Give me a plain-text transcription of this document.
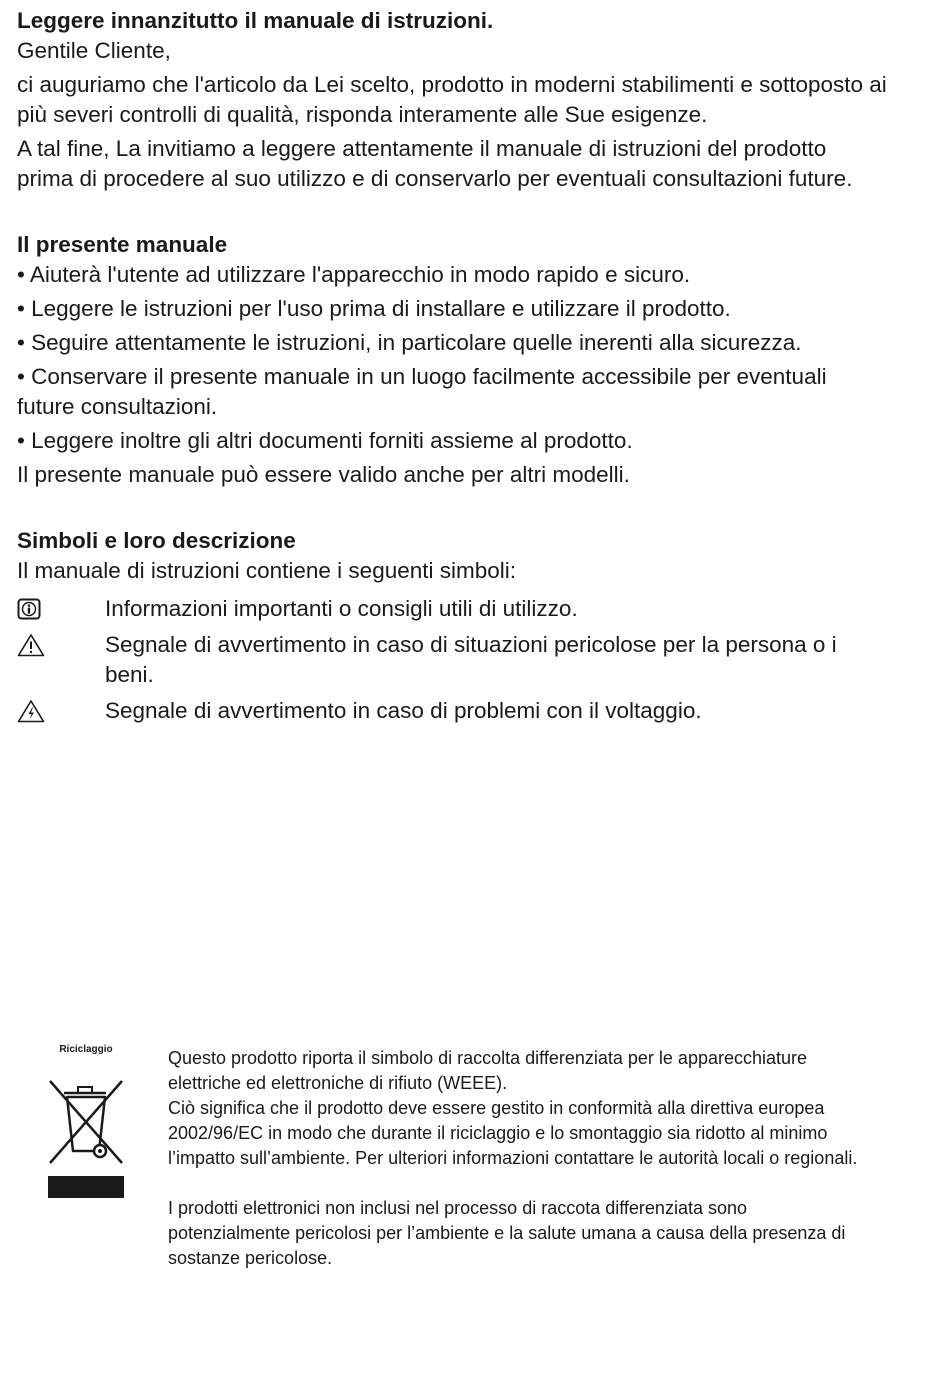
Leggere innanzitutto il manuale di istruzioni.

Gentile Cliente,

ci auguriamo che l'articolo da Lei scelto, prodotto in moderni stabilimenti e sottoposto ai più severi controlli di qualità, risponda interamente alle Sue esigenze.

A tal fine, La invitiamo a leggere attentamente il manuale di istruzioni del prodotto prima di procedere al suo utilizzo e di conservarlo per eventuali consultazioni future.

Il presente manuale

• Aiuterà l'utente ad utilizzare l'apparecchio in modo rapido e sicuro.

• Leggere le istruzioni per l'uso prima di installare e utilizzare il prodotto.

• Seguire attentamente le istruzioni, in particolare quelle inerenti alla sicurezza.

• Conservare il presente manuale in un luogo facilmente accessibile per eventuali future consultazioni.

• Leggere inoltre gli altri documenti forniti assieme al prodotto.

Il presente manuale può essere valido anche per altri modelli.

Simboli e loro descrizione

Il manuale di istruzioni contiene i seguenti simboli:

Informazioni importanti o consigli utili di utilizzo.
Segnale di avvertimento in caso di situazioni pericolose per la persona o i beni.
Segnale di avvertimento in caso di problemi con il voltaggio.
Riciclaggio	Questo prodotto riporta il simbolo di raccolta differenziata per le apparecchiature elettriche ed elettroniche di rifiuto (WEEE).

Ciò significa che il prodotto deve essere gestito in conformità alla direttiva europea 2002/96/EC in modo che durante il riciclaggio e lo smontaggio sia ridotto al minimo l’impatto sull’ambiente. Per ulteriori informazioni contattare le autorità locali o regionali.

I prodotti elettronici non inclusi nel processo di raccota differenziata sono potenzialmente pericolosi per l’ambiente e la salute umana a causa della presenza di sostanze pericolose.
